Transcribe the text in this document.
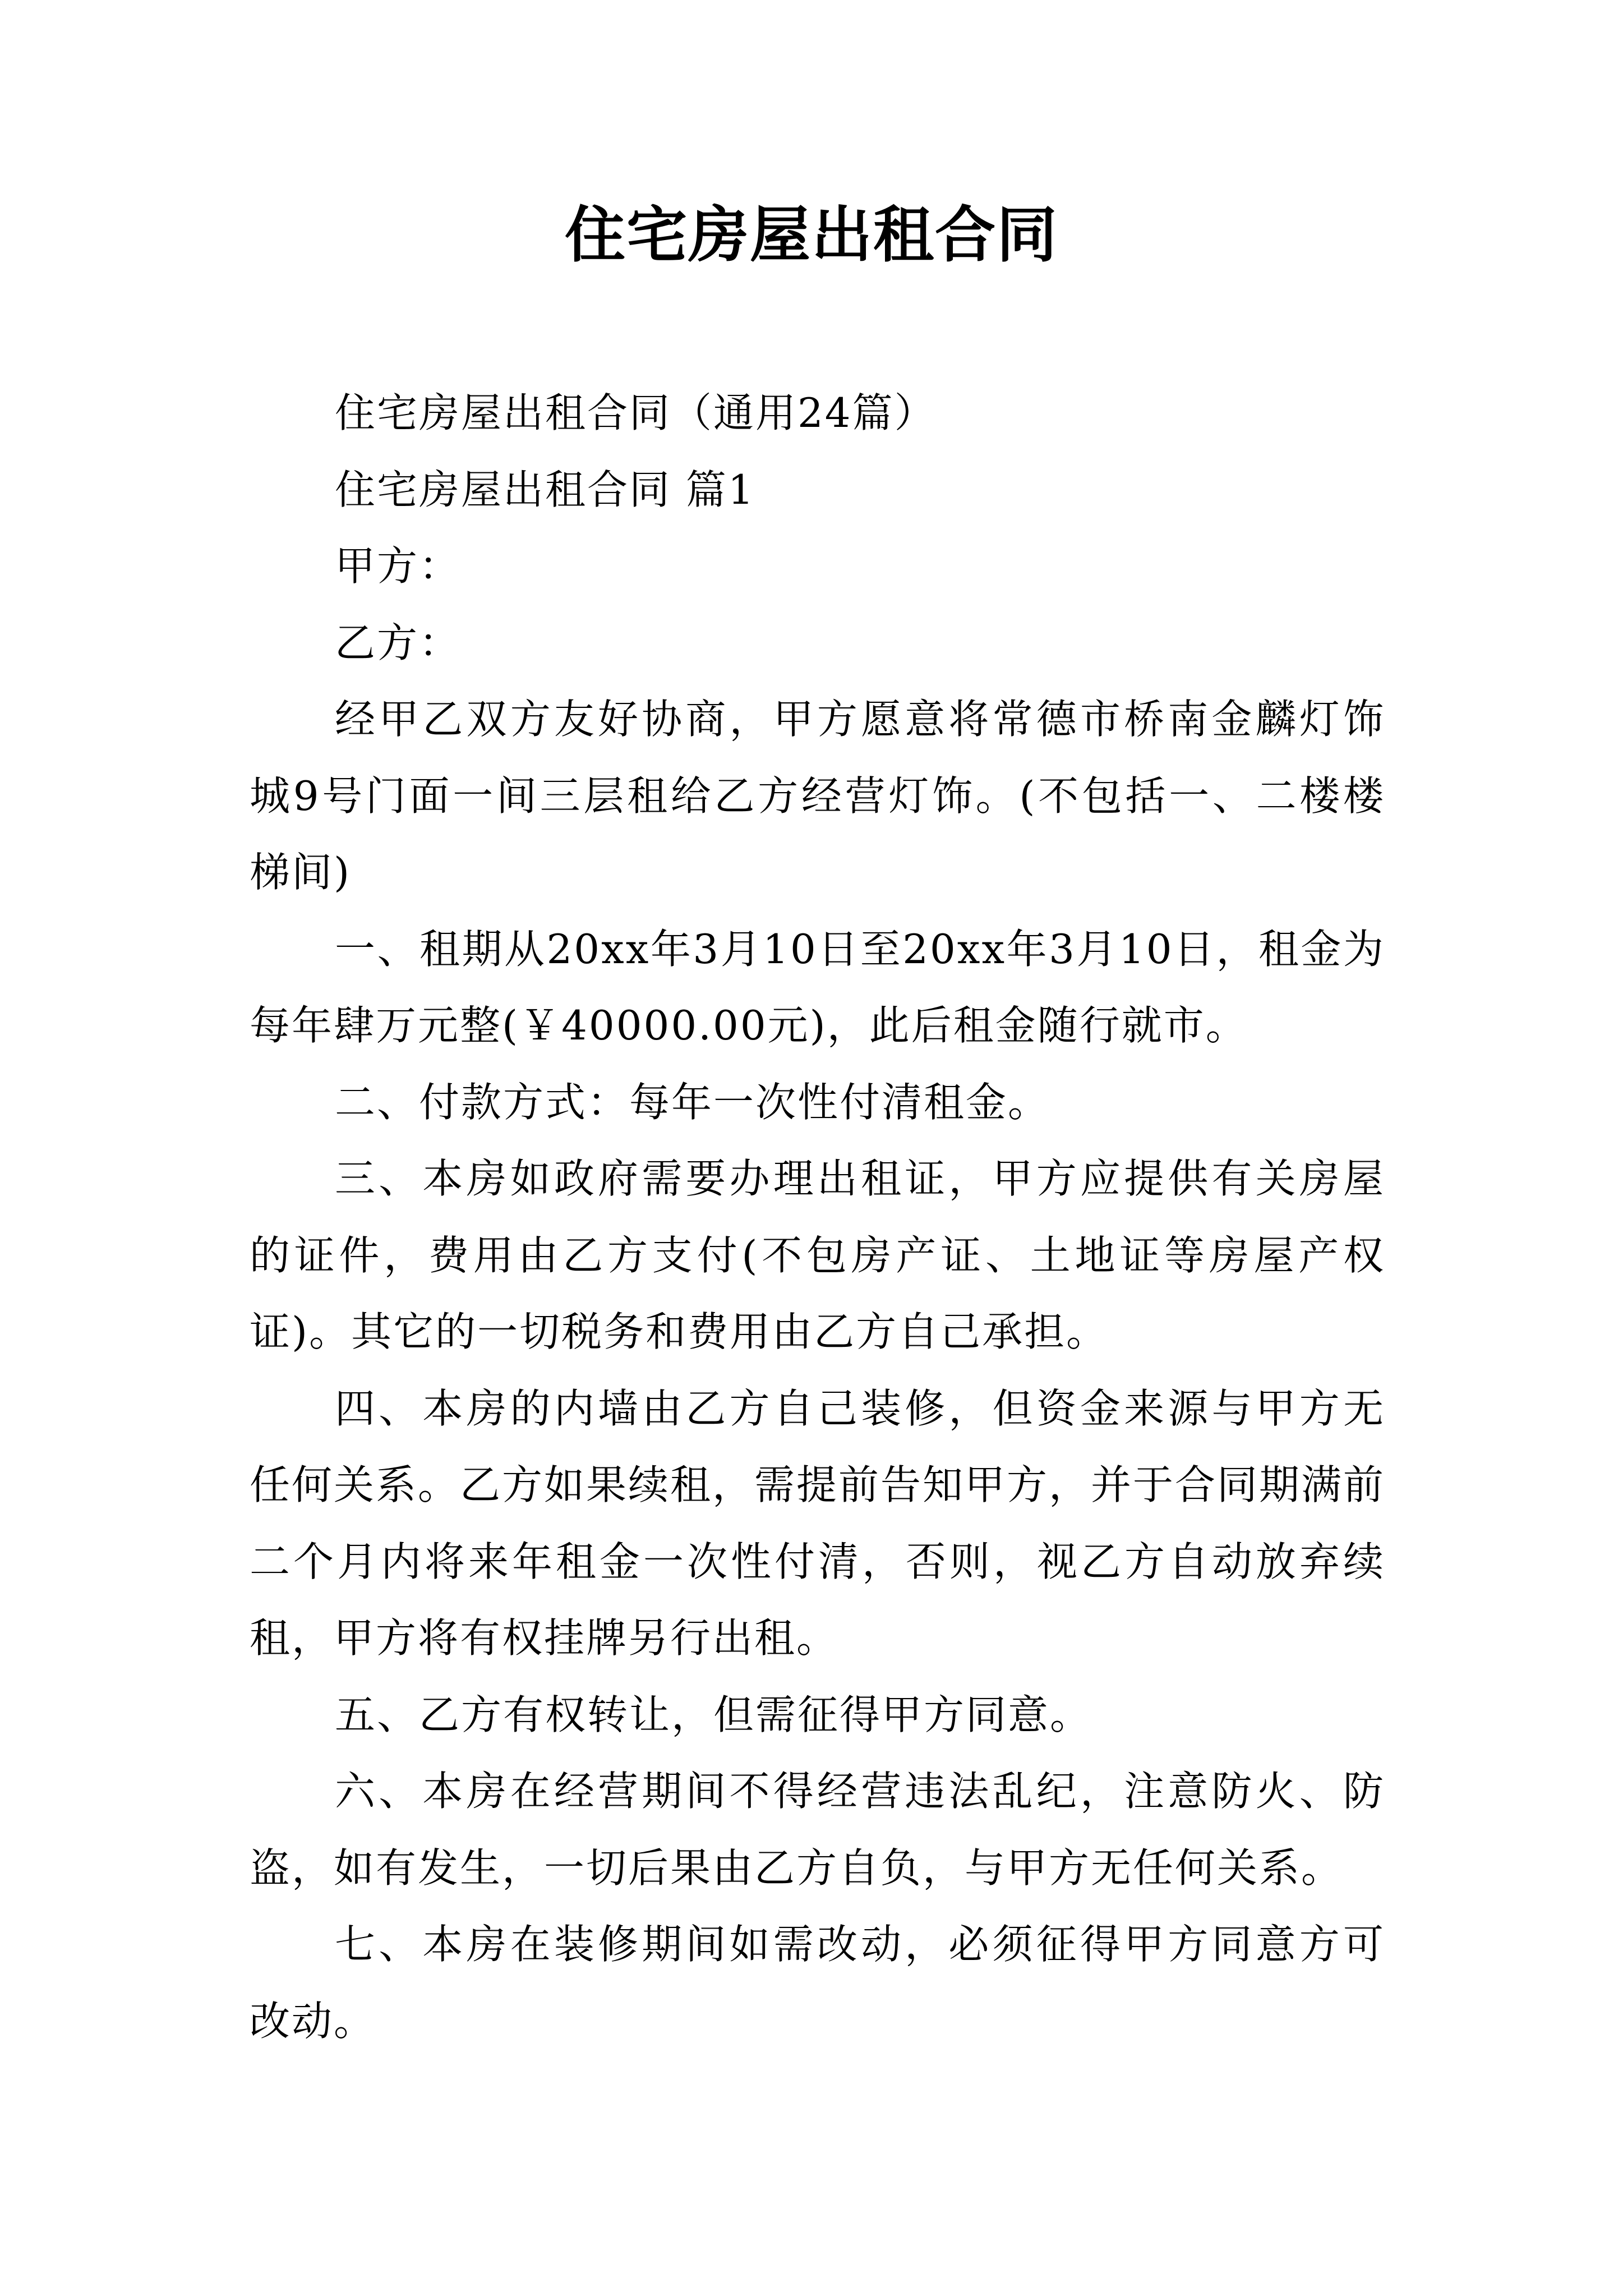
住宅房屋出租合同

住宅房屋出租合同（通用24篇）

住宅房屋出租合同 篇1

甲方：

乙方：

经甲乙双方友好协商，甲方愿意将常德市桥南金麟灯饰城9号门面一间三层租给乙方经营灯饰。(不包括一、二楼楼梯间)

一、租期从20xx年3月10日至20xx年3月10日，租金为每年肆万元整(￥40000.00元)，此后租金随行就市。

二、付款方式：每年一次性付清租金。

三、本房如政府需要办理出租证，甲方应提供有关房屋的证件，费用由乙方支付(不包房产证、土地证等房屋产权证)。其它的一切税务和费用由乙方自己承担。

四、本房的内墙由乙方自己装修，但资金来源与甲方无任何关系。乙方如果续租，需提前告知甲方，并于合同期满前二个月内将来年租金一次性付清，否则，视乙方自动放弃续租，甲方将有权挂牌另行出租。

五、乙方有权转让，但需征得甲方同意。

六、本房在经营期间不得经营违法乱纪，注意防火、防盗，如有发生，一切后果由乙方自负，与甲方无任何关系。

七、本房在装修期间如需改动，必须征得甲方同意方可改动。
